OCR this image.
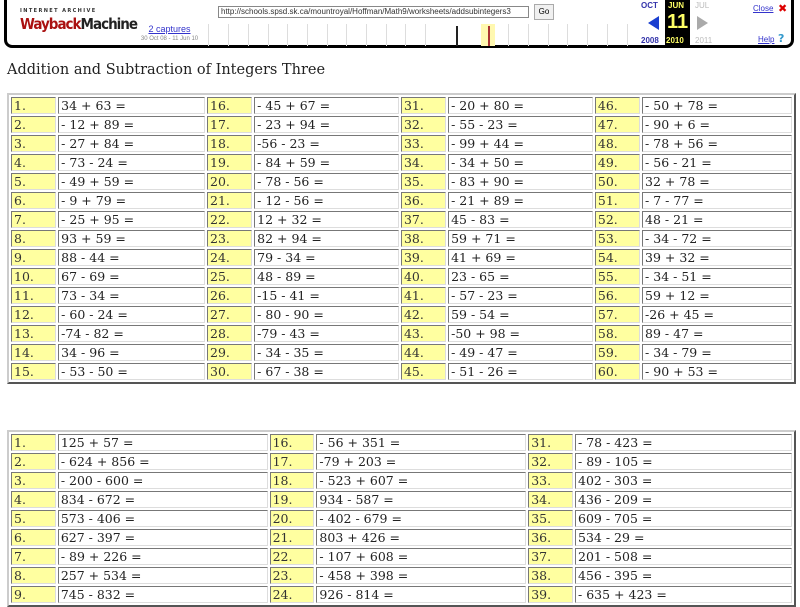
INTERNET ARCHIVE
WaybackMachine	2 captures
30 Oct 08 - 11 Jun 10
http://schools.spsd.sk.ca/mountroyal/Hoffman/Math9/worksheets/addsubintegers3	Go
OCT
2008
JUN
11
2010
JUL
2011
Close ✖
Help ?
Addition and Subtraction of Integers Three
1.	34 + 63 =	16.	- 45 + 67 =	31.	- 20 + 80 =	46.	- 50 + 78 =
2.	- 12 + 89 =	17.	- 23 + 94 =	32.	- 55 - 23 =	47.	- 90 + 6 =
3.	- 27 + 84 =	18.	-56 - 23 =	33.	- 99 + 44 =	48.	- 78 + 56 =
4.	- 73 - 24 =	19.	- 84 + 59 =	34.	- 34 + 50 =	49.	- 56 - 21 =
5.	- 49 + 59 =	20.	- 78 - 56 =	35.	- 83 + 90 =	50.	32 + 78 =
6.	- 9 + 79 =	21.	- 12 - 56 =	36.	- 21 + 89 =	51.	- 7 - 77 =
7.	- 25 + 95 =	22.	12 + 32 =	37.	45 - 83 =	52.	48 - 21 =
8.	93 + 59 =	23.	82 + 94 =	38.	59 + 71 =	53.	- 34 - 72 =
9.	88 - 44 =	24.	79 - 34 =	39.	41 + 69 =	54.	39 + 32 =
10.	67 - 69 =	25.	48 - 89 =	40.	23 - 65 =	55.	- 34 - 51 =
11.	73 - 34 =	26.	-15 - 41 =	41.	- 57 - 23 =	56.	59 + 12 =
12.	- 60 - 24 =	27.	- 80 - 90 =	42.	59 - 54 =	57.	-26 + 45 =
13.	-74 - 82 =	28.	-79 - 43 =	43.	-50 + 98 =	58.	89 - 47 =
14.	34 - 96 =	29.	- 34 - 35 =	44.	- 49 - 47 =	59.	- 34 - 79 =
15.	- 53 - 50 =	30.	- 67 - 38 =	45.	- 51 - 26 =	60.	- 90 + 53 =
1.	125 + 57 =	16.	- 56 + 351 =	31.	- 78 - 423 =
2.	- 624 + 856 =	17.	-79 + 203 =	32.	- 89 - 105 =
3.	- 200 - 600 =	18.	- 523 + 607 =	33.	402 - 303 =
4.	834 - 672 =	19.	934 - 587 =	34.	436 - 209 =
5.	573 - 406 =	20.	- 402 - 679 =	35.	609 - 705 =
6.	627 - 397 =	21.	803 + 426 =	36.	534 - 29 =
7.	- 89 + 226 =	22.	- 107 + 608 =	37.	201 - 508 =
8.	257 + 534 =	23.	- 458 + 398 =	38.	456 - 395 =
9.	745 - 832 =	24.	926 - 814 =	39.	- 635 + 423 =
